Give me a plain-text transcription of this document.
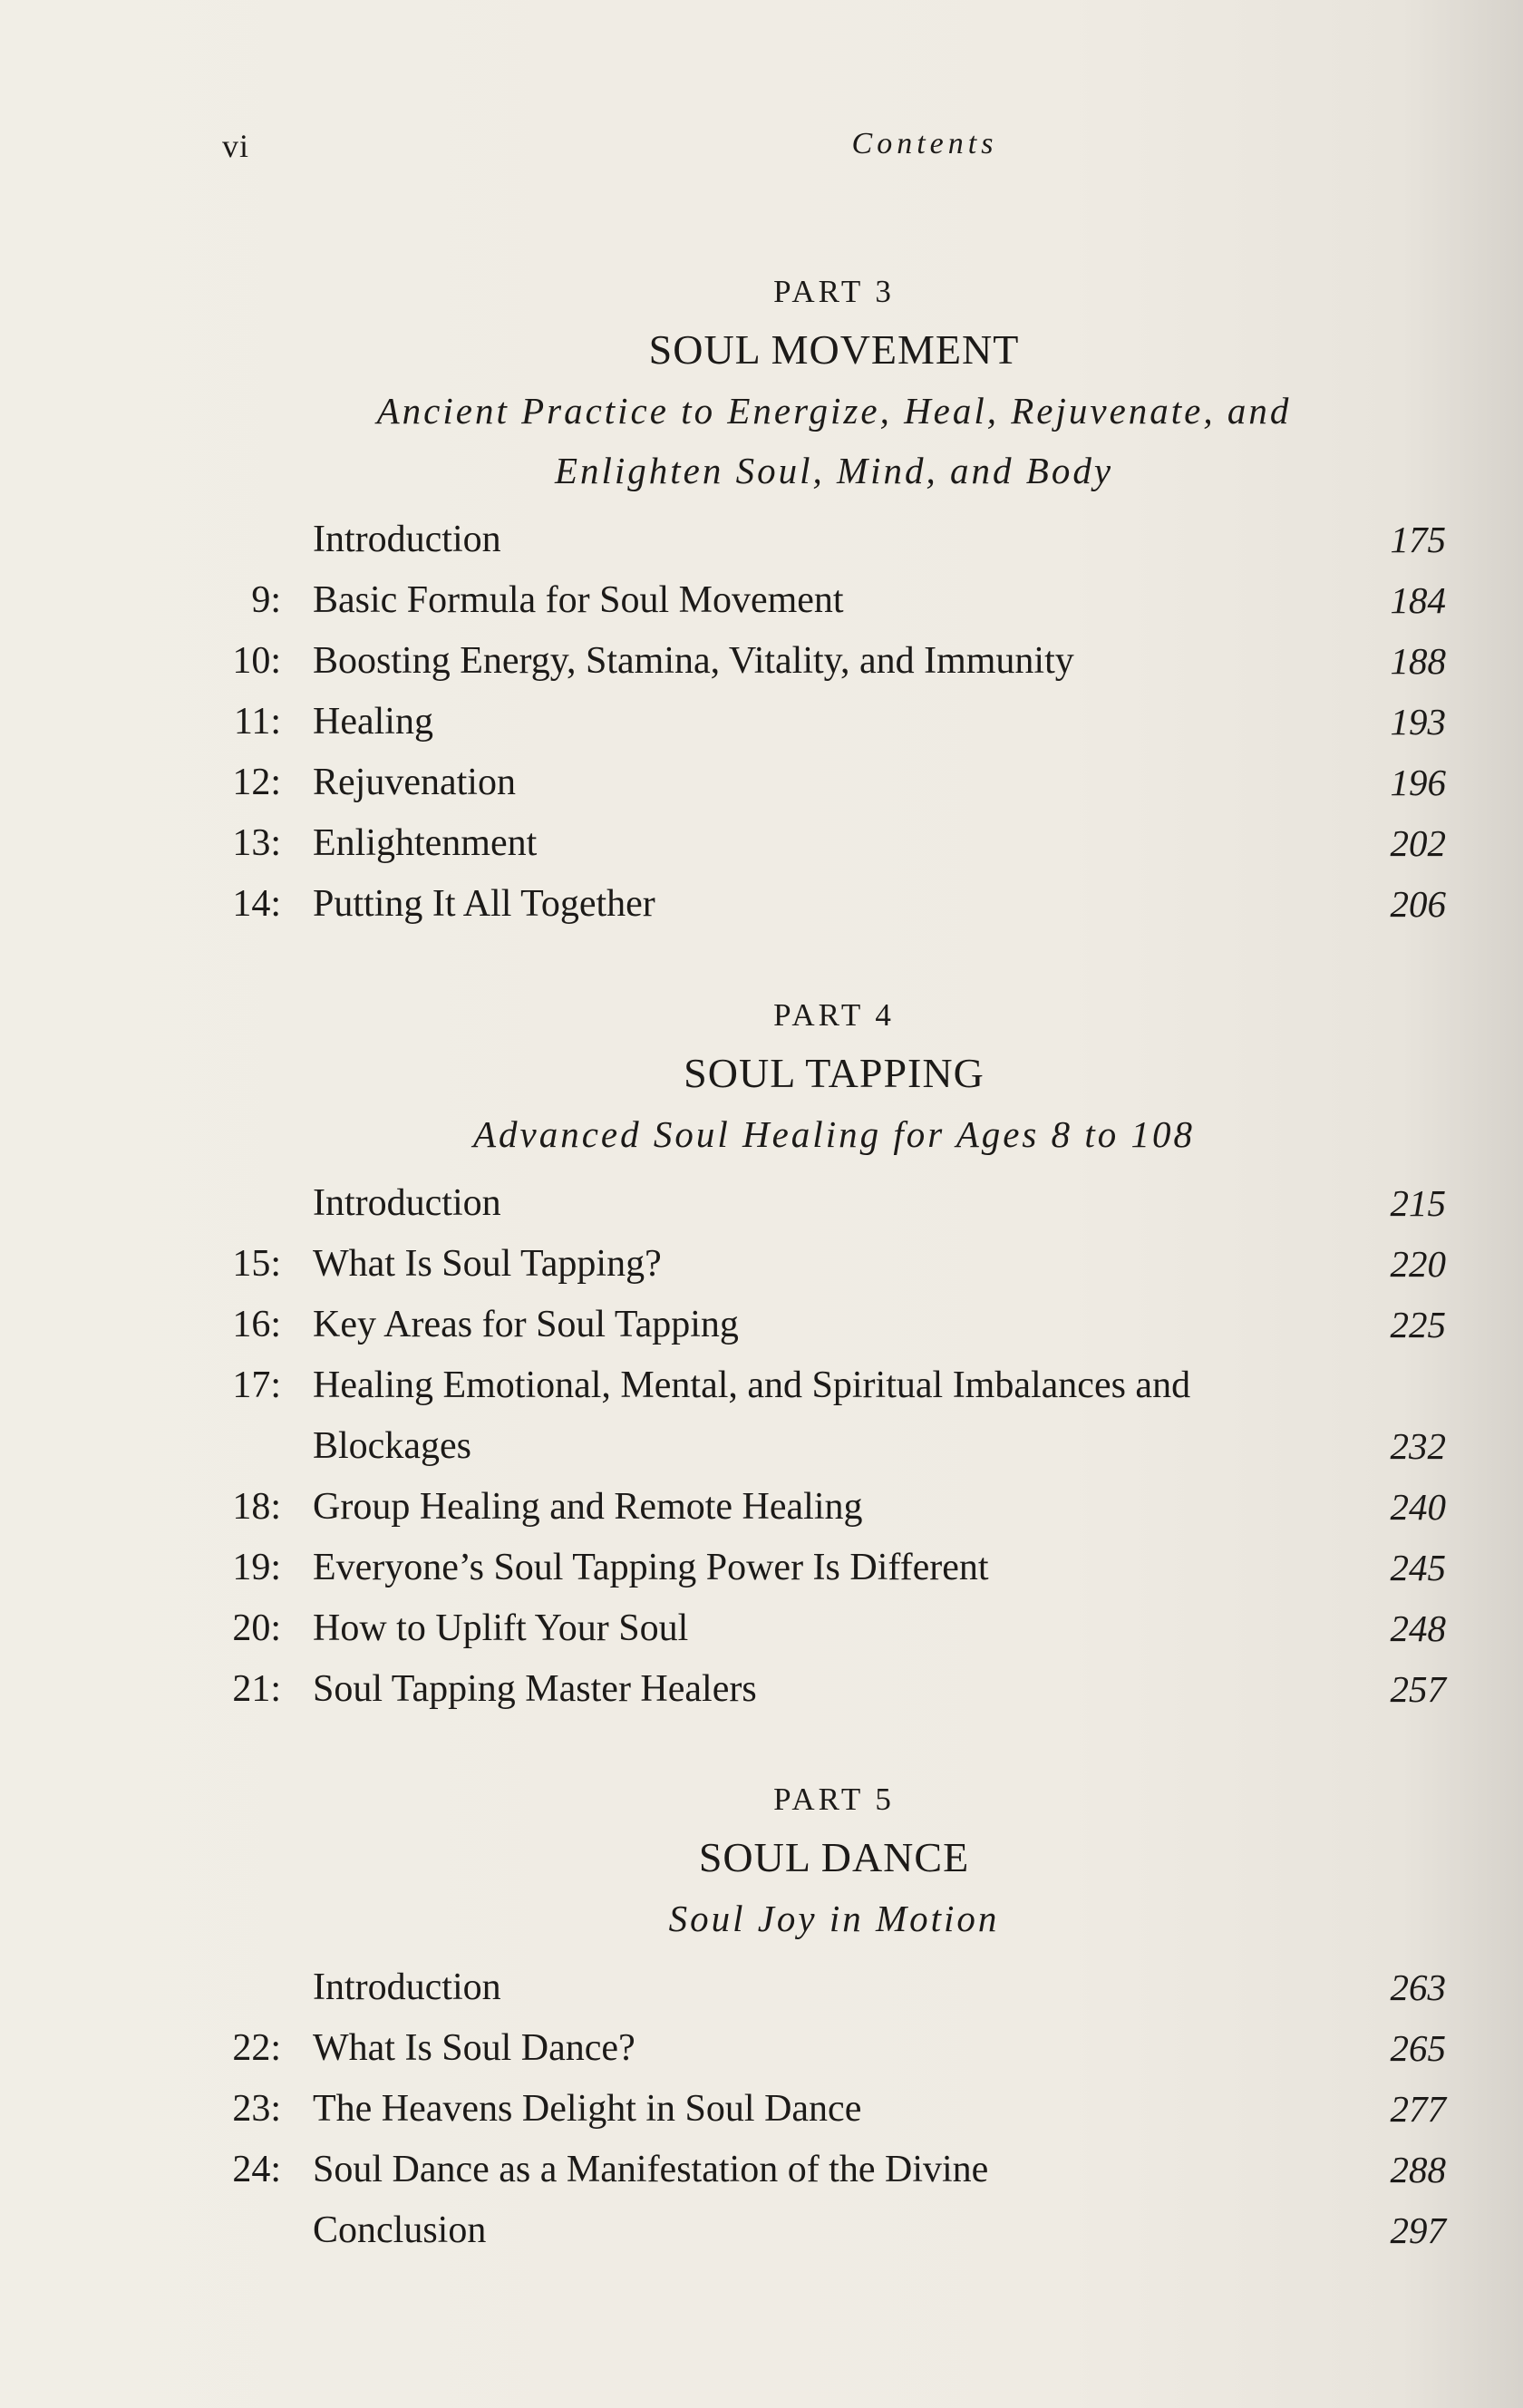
vi	Contents
PART 3
SOUL MOVEMENT
Ancient Practice to Energize, Heal, Rejuvenate, and
Enlighten Soul, Mind, and Body
Introduction	175
9: Basic Formula for Soul Movement	184
10: Boosting Energy, Stamina, Vitality, and Immunity	188
11: Healing	193
12: Rejuvenation	196
13: Enlightenment	202
14: Putting It All Together	206
PART 4
SOUL TAPPING
Advanced Soul Healing for Ages 8 to 108
Introduction	215
15: What Is Soul Tapping?	220
16: Key Areas for Soul Tapping	225
17: Healing Emotional, Mental, and Spiritual Imbalances and Blockages	232
18: Group Healing and Remote Healing	240
19: Everyone’s Soul Tapping Power Is Different	245
20: How to Uplift Your Soul	248
21: Soul Tapping Master Healers	257
PART 5
SOUL DANCE
Soul Joy in Motion
Introduction	263
22: What Is Soul Dance?	265
23: The Heavens Delight in Soul Dance	277
24: Soul Dance as a Manifestation of the Divine	288
Conclusion	297
